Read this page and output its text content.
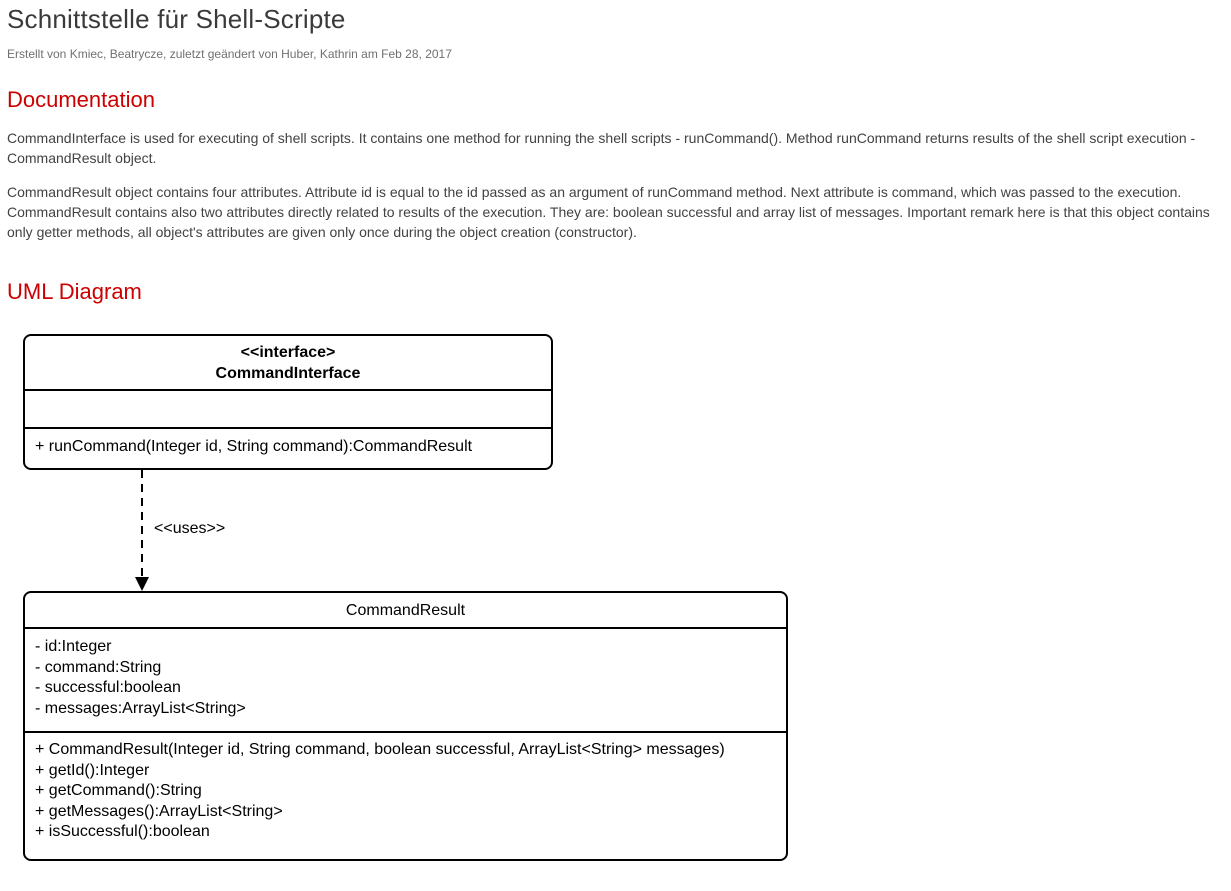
Schnittstelle für Shell-Scripte
Erstellt von Kmiec, Beatrycze, zuletzt geändert von Huber, Kathrin am Feb 28, 2017
Documentation

CommandInterface is used for executing of shell scripts. It contains one method for running the shell scripts - runCommand(). Method runCommand returns results of the shell script execution - CommandResult object.

CommandResult object contains four attributes. Attribute id is equal to the id passed as an argument of runCommand method. Next attribute is command, which was passed to the execution. CommandResult contains also two attributes directly related to results of the execution. They are: boolean successful and array list of messages. Important remark here is that this object contains only getter methods, all object's attributes are given only once during the object creation (constructor).

UML Diagram
<<interface>
CommandInterface
+ runCommand(Integer id, String command):CommandResult
<<uses>>
CommandResult
- id:Integer
- command:String
- successful:boolean
- messages:ArrayList<String>
+ CommandResult(Integer id, String command, boolean successful, ArrayList<String> messages)
+ getId():Integer
+ getCommand():String
+ getMessages():ArrayList<String>
+ isSuccessful():boolean
